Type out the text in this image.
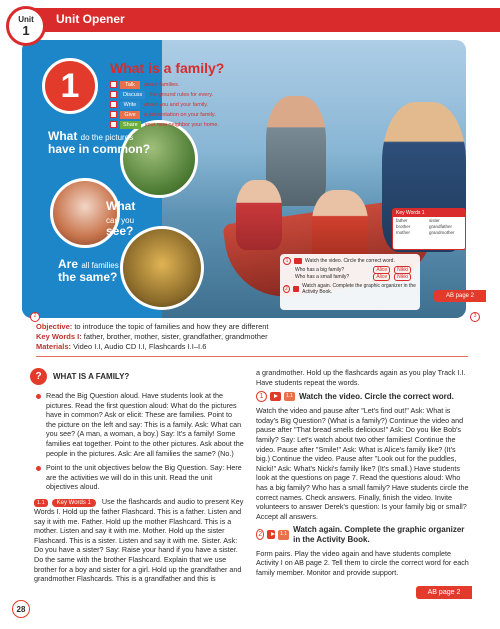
Unit
1
Unit Opener
1	What is a family?
Talk	about families.
Discuss	the ground rules for every.
Write	about you and your family.
Give	a presentation on your family.
Share	your new neighbor your home.
What do the pictures
have in common?
What
can you
see?
Are all families
the same?
Key Words 1
father	sister
brother	grandfather
mother	grandmother
1	Watch the video. Circle the correct word.
Who has a big family?	Alice Nikki
Who has a small family?	Alice Nikki
2	Watch again. Complete the graphic organizer in the Activity Book.
AB page 2
2	3
Objective: to introduce the topic of families and how they are different
Key Words I: father, brother, mother, sister, grandfather, grandmother
Materials: Video I.I, Audio CD I.I, Flashcards I.I–I.6
?	WHAT IS A FAMILY?
Read the Big Question aloud. Have students look at the pictures. Read the first question aloud: What do the pictures have in common? Ask or elicit: These are families. Point to the picture on the left and say: This is a family. Ask: What can you see? (A man, a woman, a boy.) Say: It's a family! Some families eat together. Point to the other pictures. Ask about the people in the pictures. Ask: Are all families the same? (No.)
Point to the unit objectives below the Big Question. Say: Here are the activities we will do in this unit. Read the unit objectives aloud.
1.1 Key Words 1 Use the flashcards and audio to present Key Words I. Hold up the father Flashcard. This is a father. Listen and say it with me. Father. Hold up the mother Flashcard. This is a mother. Listen and say it with me. Mother. Hold up the sister Flashcard. This is a sister. Listen and say it with me. Sister. Ask: Do you have a sister? Say: Raise your hand if you have a sister. Do the same with the brother Flashcard. Explain that we use brother for a boy and sister for a girl. Hold up the grandfather and grandmother Flashcards. This is a grandfather and this is
a grandmother. Hold up the flashcards again as you play Track I.I. Have students repeat the words.
1	1.1 Watch the video. Circle the correct word.
Watch the video and pause after "Let's find out!" Ask: What is today's Big Question? (What is a family?) Continue the video and pause after "That bread smells delicious!" Ask: Do you like Bob's family? Say: Let's watch about two other families! Continue the video. Pause after "Smile!" Ask: What is Alice's family like? (It's big.) Continue the video. Pause after "Look out for the puddles, Nicki!" Ask: What's Nicki's family like? (It's small.) Have students look at the questions on page 7. Read the questions aloud: Who has a big family? Who has a small family? Have students circle the correct names. Check answers. Finally, finish the video. Invite volunteers to answer Derek's question: Is your family big or small? Accept all answers.
2	1.1 Watch again. Complete the graphic organizer in the Activity Book.
Form pairs. Play the video again and have students complete Activity I on AB page 2. Tell them to circle the correct word for each family member. Monitor and provide support.
AB page 2
28
